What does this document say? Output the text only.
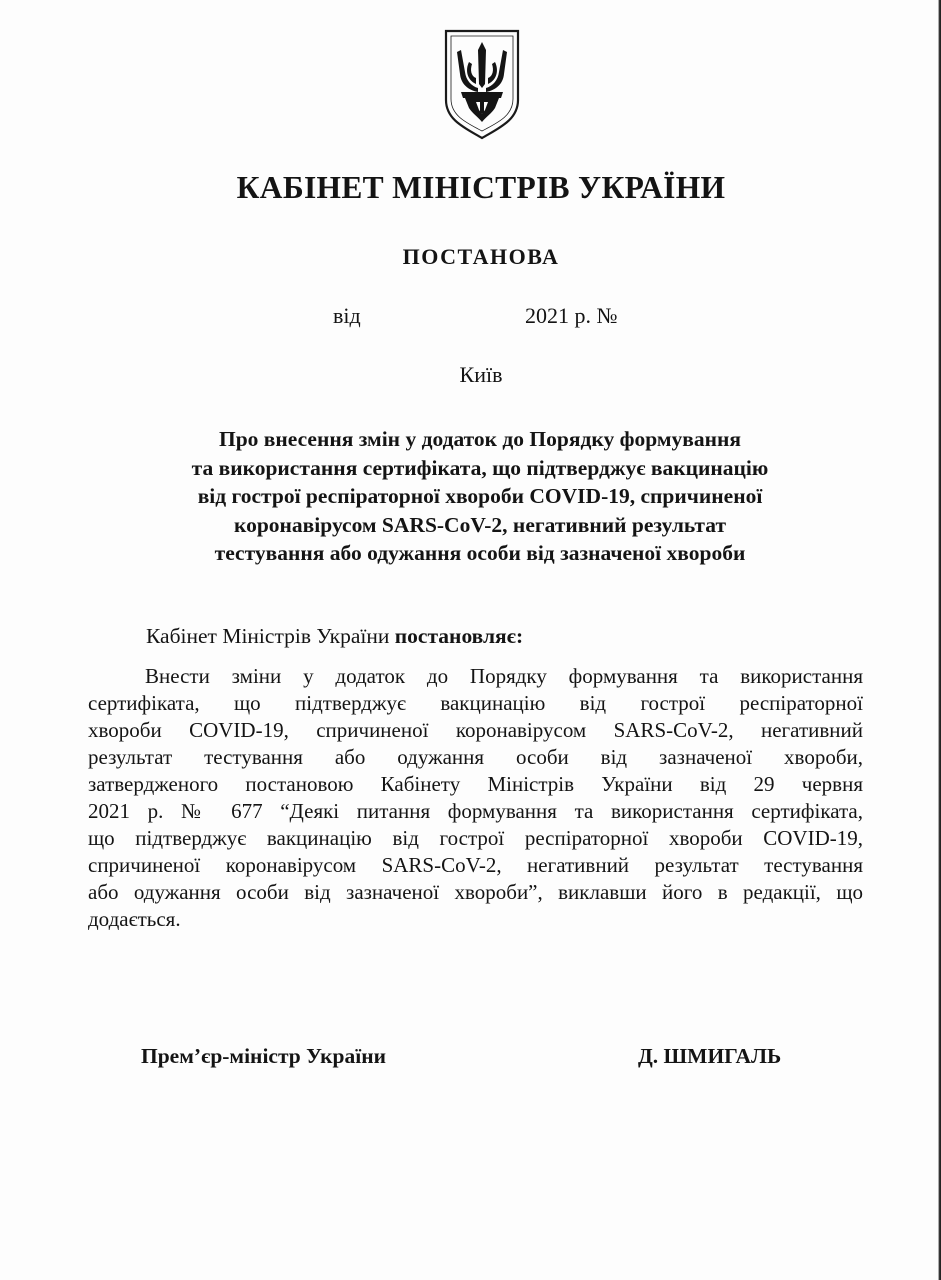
КАБІНЕТ МІНІСТРІВ УКРАЇНИ
ПОСТАНОВА
від	2021 р. №
Київ
Про внесення змін у додаток до Порядку формування
та використання сертифіката, що підтверджує вакцинацію
від гострої респіраторної хвороби COVID-19, спричиненої
коронавірусом SARS-CoV-2, негативний результат
тестування або одужання особи від зазначеної хвороби
Кабінет Міністрів України постановляє:
Внести зміни у додаток до Порядку формування та використання
сертифіката, що підтверджує вакцинацію від гострої респіраторної
хвороби COVID-19, спричиненої коронавірусом SARS-CoV-2, негативний
результат тестування або одужання особи від зазначеної хвороби,
затвердженого постановою Кабінету Міністрів України від 29 червня
2021 р. № 677 “Деякі питання формування та використання сертифіката,
що підтверджує вакцинацію від гострої респіраторної хвороби COVID-19,
спричиненої коронавірусом SARS-CoV-2, негативний результат тестування
або одужання особи від зазначеної хвороби”, виклавши його в редакції, що
додається.
Прем’єр-міністр України	Д. ШМИГАЛЬ
